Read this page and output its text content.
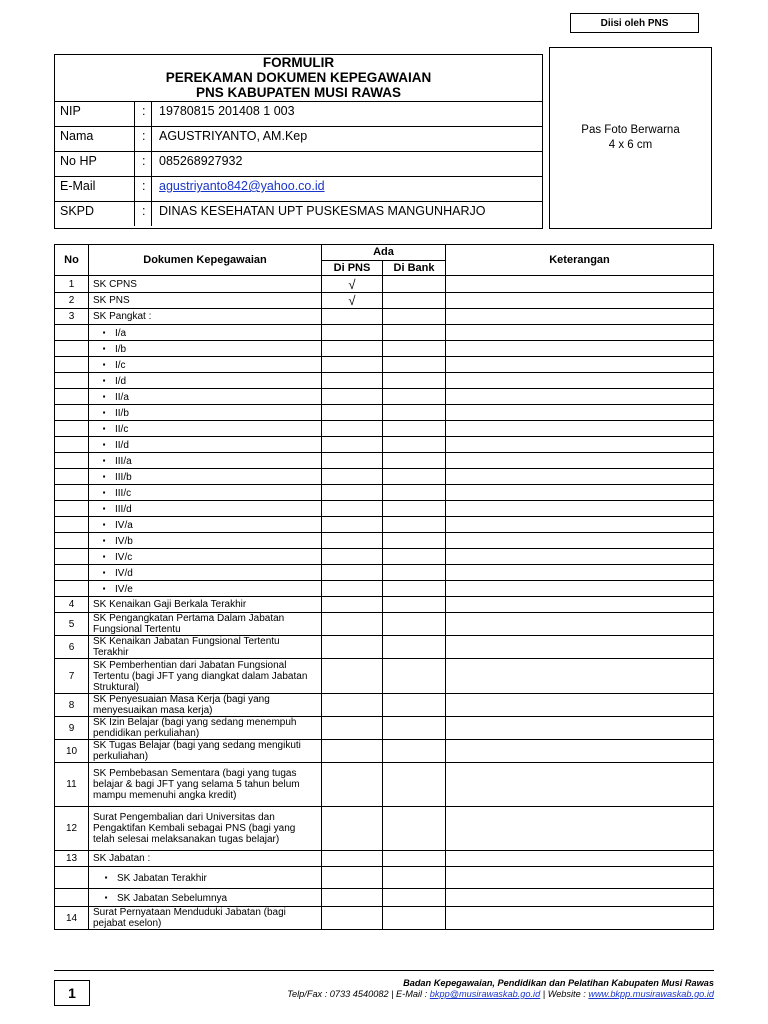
Diisi oleh PNS
FORMULIR
PEREKAMAN DOKUMEN KEPEGAWAIAN
PNS KABUPATEN MUSI RAWAS
NIP	: 19780815 201408 1 003
Nama	: AGUSTRIYANTO, AM.Kep
No HP	: 085268927932
E-Mail	: agustriyanto842@yahoo.co.id
SKPD	: DINAS KESEHATAN UPT PUSKESMAS MANGUNHARJO
Pas Foto Berwarna
4 x 6 cm
No	Dokumen Kepegawaian	Ada		Keterangan
		Di PNS	Di Bank	
1	SK CPNS	√		
2	SK PNS	√		
3	SK Pangkat :			
	▪ I/a			
	▪ I/b			
	▪ I/c			
	▪ I/d			
	▪ II/a			
	▪ II/b			
	▪ II/c			
	▪ II/d			
	▪ III/a			
	▪ III/b			
	▪ III/c			
	▪ III/d			
	▪ IV/a			
	▪ IV/b			
	▪ IV/c			
	▪ IV/d			
	▪ IV/e			
4	SK Kenaikan Gaji Berkala Terakhir			
5	SK Pengangkatan Pertama Dalam Jabatan Fungsional Tertentu			
6	SK Kenaikan Jabatan Fungsional Tertentu Terakhir			
7	SK Pemberhentian dari Jabatan Fungsional Tertentu (bagi JFT yang diangkat dalam Jabatan Struktural)			
8	SK Penyesuaian Masa Kerja (bagi yang menyesuaikan masa kerja)			
9	SK Izin Belajar (bagi yang sedang menempuh pendidikan perkuliahan)			
10	SK Tugas Belajar (bagi yang sedang mengikuti perkuliahan)			
11	SK Pembebasan Sementara (bagi yang tugas belajar & bagi JFT yang selama 5 tahun belum mampu memenuhi angka kredit)			
12	Surat Pengembalian dari Universitas dan Pengaktifan Kembali sebagai PNS (bagi yang telah selesai melaksanakan tugas belajar)			
13	SK Jabatan :			
	▪ SK Jabatan Terakhir			
	▪ SK Jabatan Sebelumnya			
14	Surat Pernyataan Menduduki Jabatan (bagi pejabat eselon)			
1
Badan Kepegawaian, Pendidikan dan Pelatihan Kabupaten Musi Rawas
Telp/Fax : 0733 4540082 | E-Mail : bkpp@musirawaskab.go.id | Website : www.bkpp.musirawaskab.go.id
